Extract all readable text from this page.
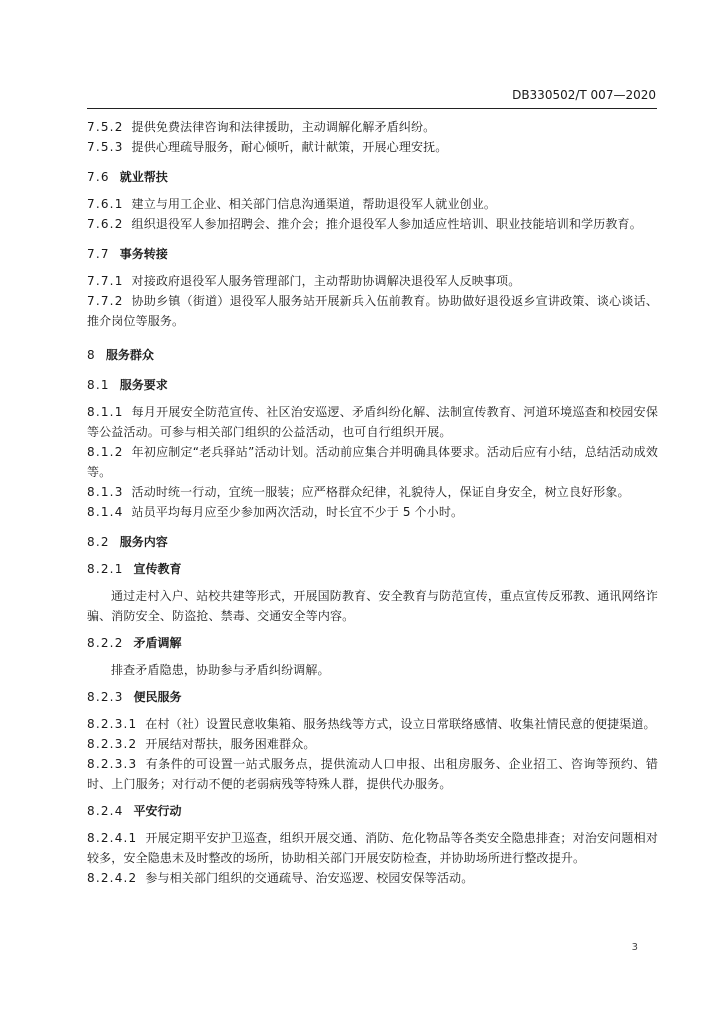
DB330502/T 007—2020

7.5.2 提供免费法律咨询和法律援助，主动调解化解矛盾纠纷。

7.5.3 提供心理疏导服务，耐心倾听，献计献策，开展心理安抚。

7.6 就业帮扶

7.6.1 建立与用工企业、相关部门信息沟通渠道，帮助退役军人就业创业。

7.6.2 组织退役军人参加招聘会、推介会；推介退役军人参加适应性培训、职业技能培训和学历教育。

7.7 事务转接

7.7.1 对接政府退役军人服务管理部门，主动帮助协调解决退役军人反映事项。

7.7.2 协助乡镇（街道）退役军人服务站开展新兵入伍前教育。协助做好退役返乡宣讲政策、谈心谈话、推介岗位等服务。

8 服务群众

8.1 服务要求

8.1.1 每月开展安全防范宣传、社区治安巡逻、矛盾纠纷化解、法制宣传教育、河道环境巡查和校园安保等公益活动。可参与相关部门组织的公益活动，也可自行组织开展。

8.1.2 年初应制定“老兵驿站”活动计划。活动前应集合并明确具体要求。活动后应有小结，总结活动成效等。

8.1.3 活动时统一行动，宜统一服装；应严格群众纪律，礼貌待人，保证自身安全，树立良好形象。

8.1.4 站员平均每月应至少参加两次活动，时长宜不少于 5 个小时。

8.2 服务内容

8.2.1 宣传教育

通过走村入户、站校共建等形式，开展国防教育、安全教育与防范宣传，重点宣传反邪教、通讯网络诈骗、消防安全、防盗抢、禁毒、交通安全等内容。

8.2.2 矛盾调解

排查矛盾隐患，协助参与矛盾纠纷调解。

8.2.3 便民服务

8.2.3.1 在村（社）设置民意收集箱、服务热线等方式，设立日常联络感情、收集社情民意的便捷渠道。

8.2.3.2 开展结对帮扶，服务困难群众。

8.2.3.3 有条件的可设置一站式服务点，提供流动人口申报、出租房服务、企业招工、咨询等预约、错时、上门服务；对行动不便的老弱病残等特殊人群，提供代办服务。

8.2.4 平安行动

8.2.4.1 开展定期平安护卫巡查，组织开展交通、消防、危化物品等各类安全隐患排查；对治安问题相对较多，安全隐患未及时整改的场所，协助相关部门开展安防检查，并协助场所进行整改提升。

8.2.4.2 参与相关部门组织的交通疏导、治安巡逻、校园安保等活动。

3
